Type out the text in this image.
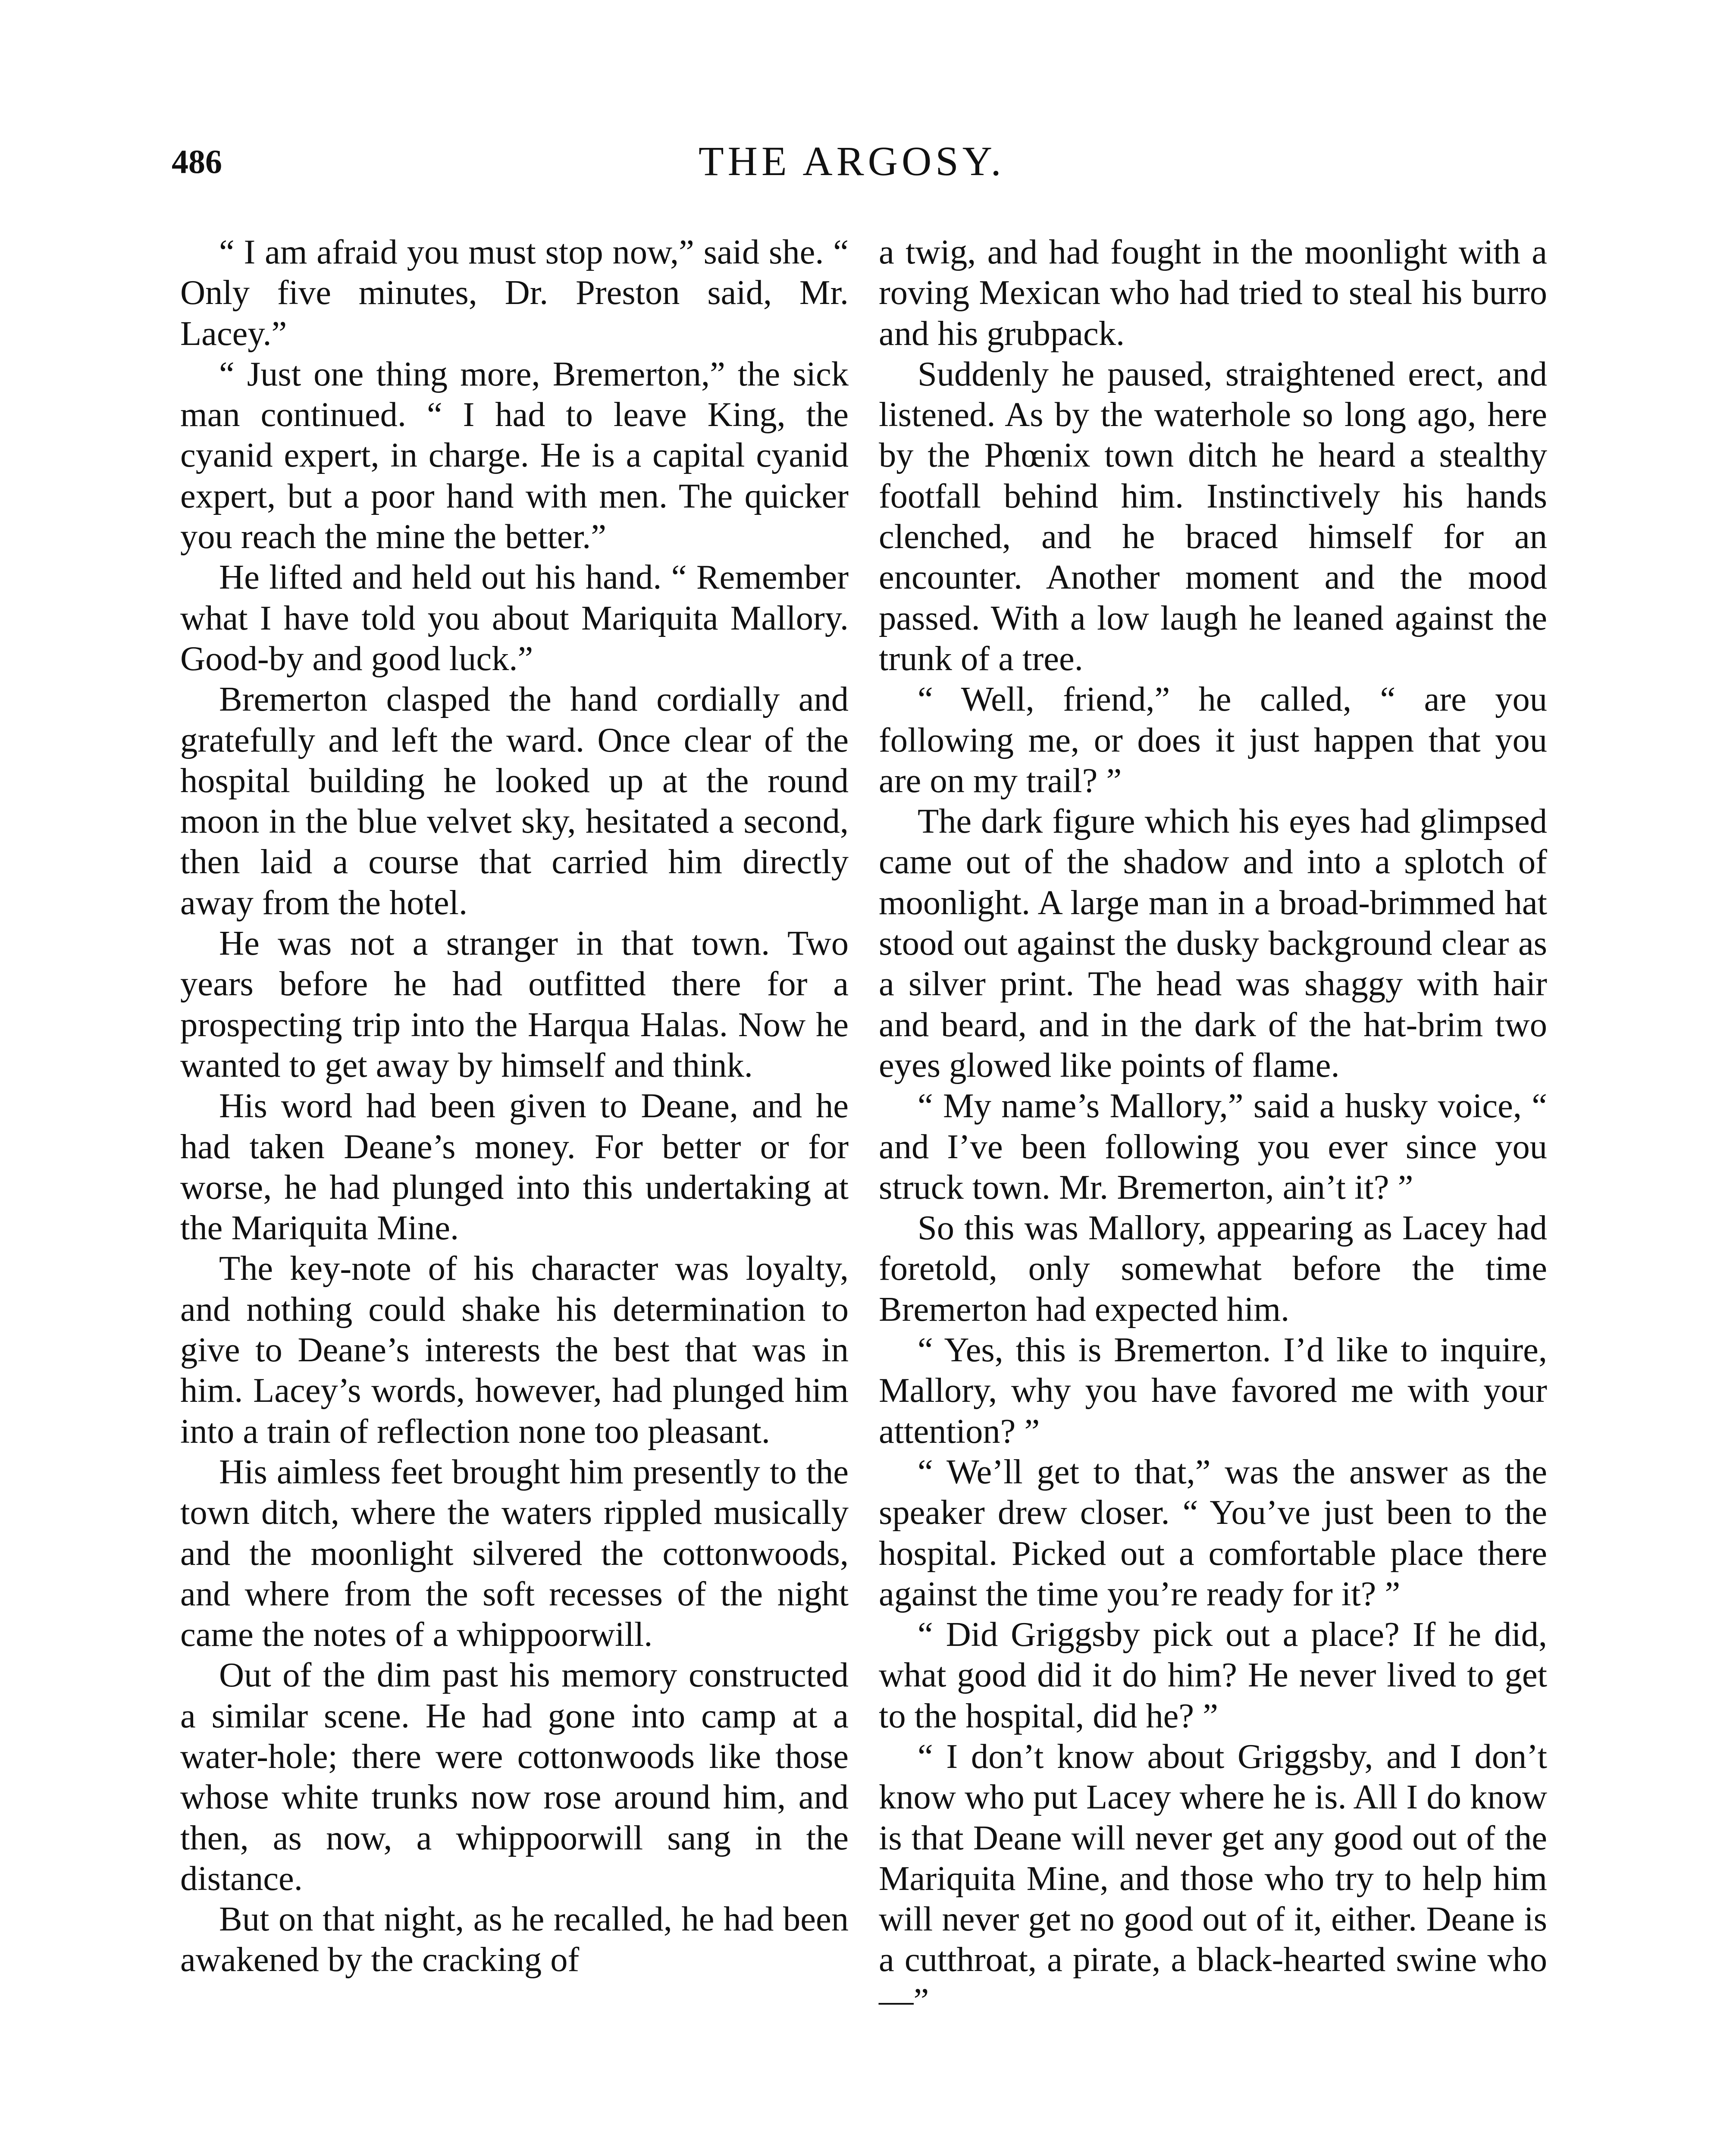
486	THE ARGOSY.

“ I am afraid you must stop now,” said she. “ Only five minutes, Dr. Preston said, Mr. Lacey.”

“ Just one thing more, Bremerton,” the sick man continued. “ I had to leave King, the cyanid expert, in charge. He is a capital cyanid expert, but a poor hand with men. The quicker you reach the mine the better.”

He lifted and held out his hand. “ Remember what I have told you about Mariquita Mallory. Good-by and good luck.”

Bremerton clasped the hand cordially and gratefully and left the ward. Once clear of the hospital building he looked up at the round moon in the blue velvet sky, hesitated a second, then laid a course that carried him directly away from the hotel.

He was not a stranger in that town. Two years before he had outfitted there for a prospecting trip into the Harqua Halas. Now he wanted to get away by himself and think.

His word had been given to Deane, and he had taken Deane’s money. For better or for worse, he had plunged into this undertaking at the Mariquita Mine.

The key-note of his character was loyalty, and nothing could shake his determination to give to Deane’s interests the best that was in him. Lacey’s words, however, had plunged him into a train of reflection none too pleasant.

His aimless feet brought him presently to the town ditch, where the waters rippled musically and the moonlight silvered the cottonwoods, and where from the soft recesses of the night came the notes of a whippoorwill.

Out of the dim past his memory constructed a similar scene. He had gone into camp at a water-hole; there were cottonwoods like those whose white trunks now rose around him, and then, as now, a whippoorwill sang in the distance.

But on that night, as he recalled, he had been awakened by the cracking of

a twig, and had fought in the moonlight with a roving Mexican who had tried to steal his burro and his grubpack.

Suddenly he paused, straightened erect, and listened. As by the waterhole so long ago, here by the Phœnix town ditch he heard a stealthy footfall behind him. Instinctively his hands clenched, and he braced himself for an encounter. Another moment and the mood passed. With a low laugh he leaned against the trunk of a tree.

“ Well, friend,” he called, “ are you following me, or does it just happen that you are on my trail? ”

The dark figure which his eyes had glimpsed came out of the shadow and into a splotch of moonlight. A large man in a broad-brimmed hat stood out against the dusky background clear as a silver print. The head was shaggy with hair and beard, and in the dark of the hat-brim two eyes glowed like points of flame.

“ My name’s Mallory,” said a husky voice, “ and I’ve been following you ever since you struck town. Mr. Bremerton, ain’t it? ”

So this was Mallory, appearing as Lacey had foretold, only somewhat before the time Bremerton had expected him.

“ Yes, this is Bremerton. I’d like to inquire, Mallory, why you have favored me with your attention? ”

“ We’ll get to that,” was the answer as the speaker drew closer. “ You’ve just been to the hospital. Picked out a comfortable place there against the time you’re ready for it? ”

“ Did Griggsby pick out a place? If he did, what good did it do him? He never lived to get to the hospital, did he? ”

“ I don’t know about Griggsby, and I don’t know who put Lacey where he is. All I do know is that Deane will never get any good out of the Mariquita Mine, and those who try to help him will never get no good out of it, either. Deane is a cutthroat, a pirate, a black-hearted swine who—”
